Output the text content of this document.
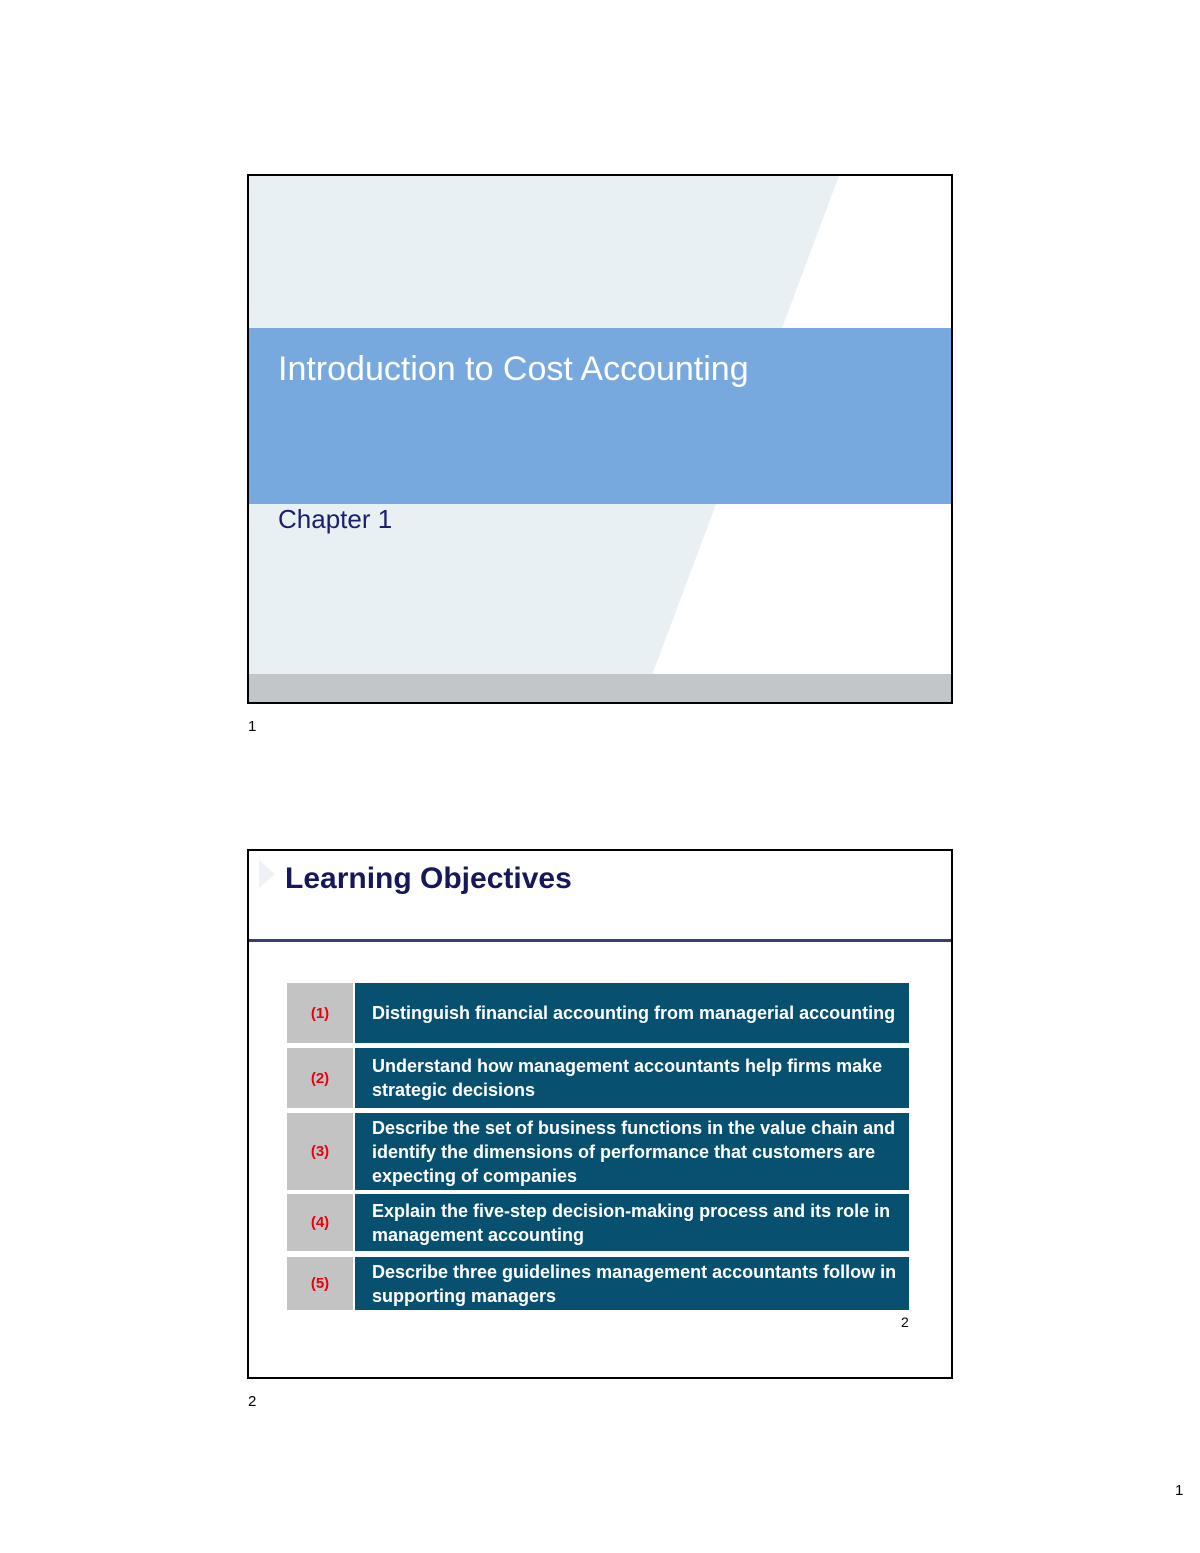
Introduction to Cost Accounting
Chapter 1
1
Learning Objectives
(1)	Distinguish financial accounting from managerial accounting
(2)
Understand how management accountants help firms make strategic decisions
(3)
Describe the set of business functions in the value chain and identify the dimensions of performance that customers are expecting of companies
(4)
Explain the five-step decision-making process and its role in management accounting
(5)
Describe three guidelines management accountants follow in supporting managers
2
2
1
